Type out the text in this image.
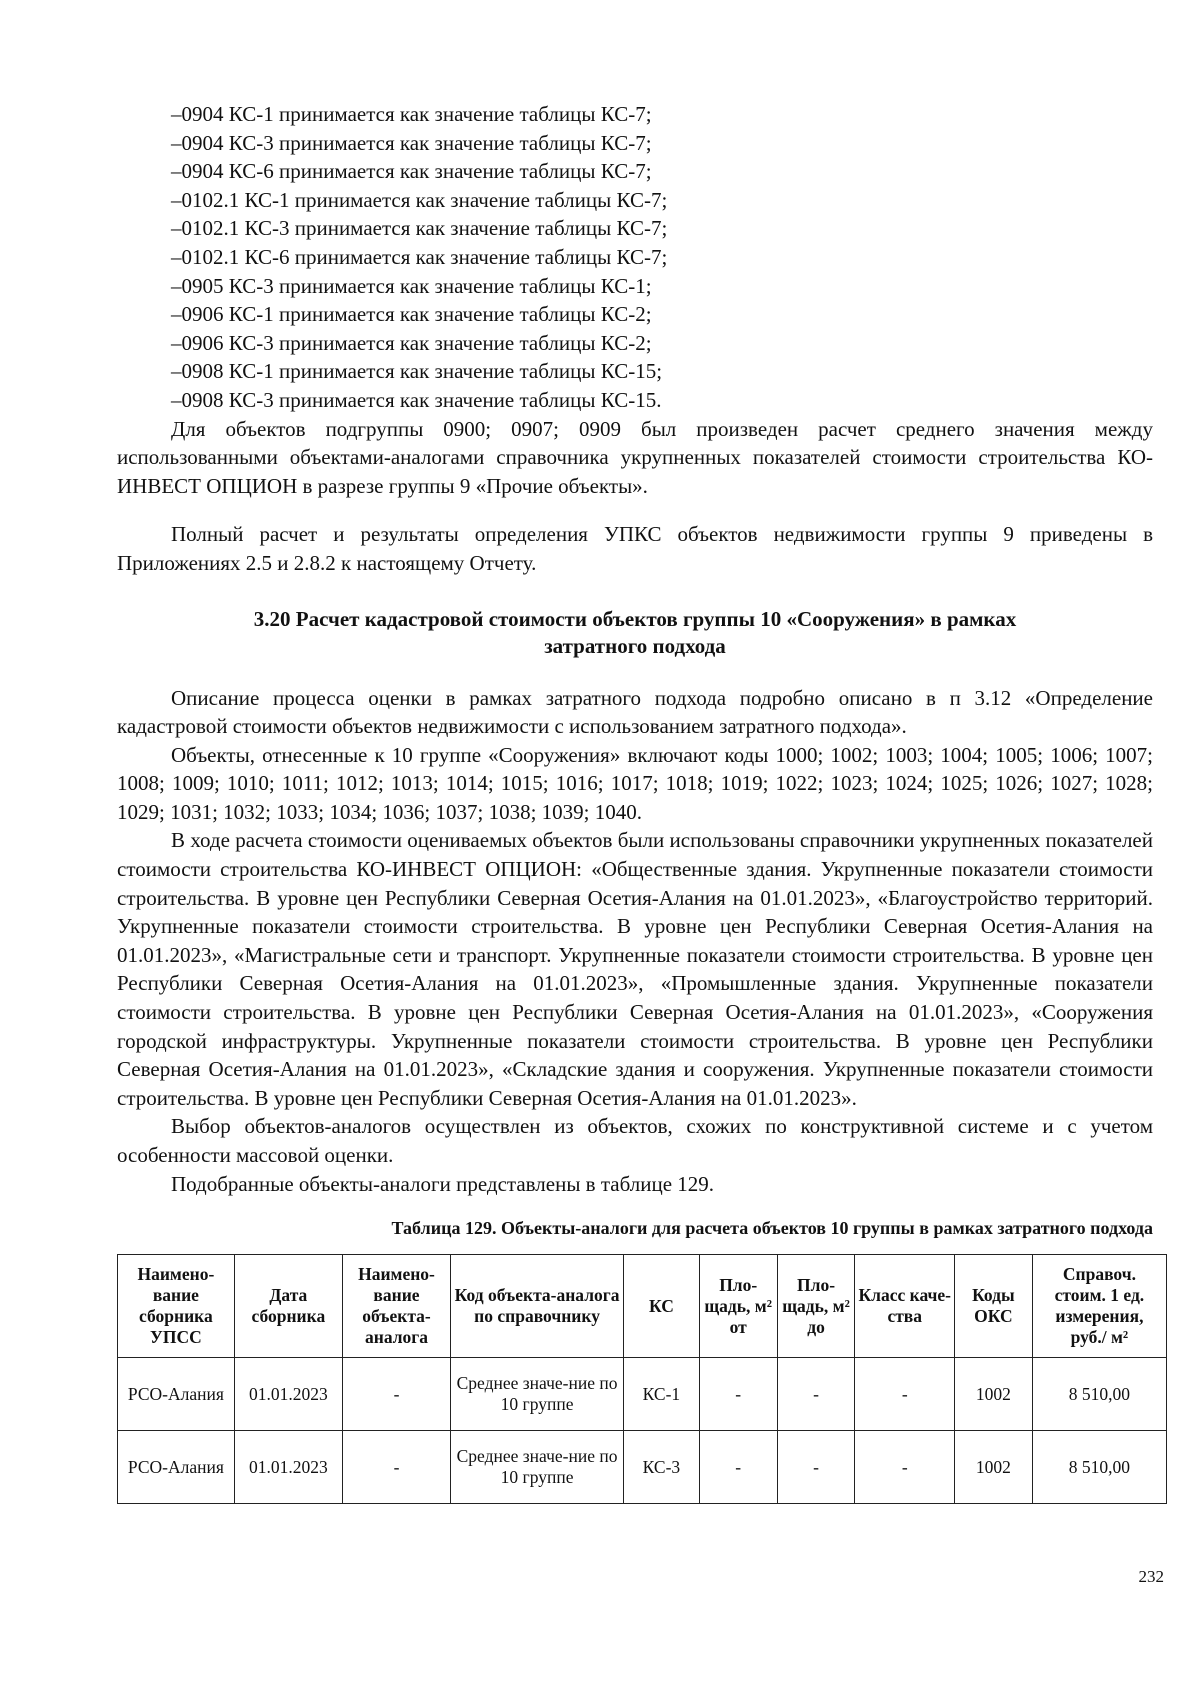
–0904 КС-1 принимается как значение таблицы КС-7;
–0904 КС-3 принимается как значение таблицы КС-7;
–0904 КС-6 принимается как значение таблицы КС-7;
–0102.1 КС-1 принимается как значение таблицы КС-7;
–0102.1 КС-3 принимается как значение таблицы КС-7;
–0102.1 КС-6 принимается как значение таблицы КС-7;
–0905 КС-3 принимается как значение таблицы КС-1;
–0906 КС-1 принимается как значение таблицы КС-2;
–0906 КС-3 принимается как значение таблицы КС-2;
–0908 КС-1 принимается как значение таблицы КС-15;
–0908 КС-3 принимается как значение таблицы КС-15.
Для объектов подгруппы 0900; 0907; 0909 был произведен расчет среднего значения между использованными объектами-аналогами справочника укрупненных показателей стоимости строительства КО-ИНВЕСТ ОПЦИОН в разрезе группы 9 «Прочие объекты».
Полный расчет и результаты определения УПКС объектов недвижимости группы 9 приведены в Приложениях 2.5 и 2.8.2 к настоящему Отчету.
3.20 Расчет кадастровой стоимости объектов группы 10 «Сооружения» в рамках
затратного подхода
Описание процесса оценки в рамках затратного подхода подробно описано в п 3.12 «Определение кадастровой стоимости объектов недвижимости с использованием затратного подхода».
Объекты, отнесенные к 10 группе «Сооружения» включают коды 1000; 1002; 1003; 1004; 1005; 1006; 1007; 1008; 1009; 1010; 1011; 1012; 1013; 1014; 1015; 1016; 1017; 1018; 1019; 1022; 1023; 1024; 1025; 1026; 1027; 1028; 1029; 1031; 1032; 1033; 1034; 1036; 1037; 1038; 1039; 1040.
В ходе расчета стоимости оцениваемых объектов были использованы справочники укрупненных показателей стоимости строительства КО-ИНВЕСТ ОПЦИОН: «Общественные здания. Укрупненные показатели стоимости строительства. В уровне цен Республики Северная Осетия-Алания на 01.01.2023», «Благоустройство территорий. Укрупненные показатели стоимости строительства. В уровне цен Республики Северная Осетия-Алания на 01.01.2023», «Магистральные сети и транспорт. Укрупненные показатели стоимости строительства. В уровне цен Республики Северная Осетия-Алания на 01.01.2023», «Промышленные здания. Укрупненные показатели стоимости строительства. В уровне цен Республики Северная Осетия-Алания на 01.01.2023», «Сооружения городской инфраструктуры. Укрупненные показатели стоимости строительства. В уровне цен Республики Северная Осетия-Алания на 01.01.2023», «Складские здания и сооружения. Укрупненные показатели стоимости строительства. В уровне цен Республики Северная Осетия-Алания на 01.01.2023».
Выбор объектов-аналогов осуществлен из объектов, схожих по конструктивной системе и с учетом особенности массовой оценки.
Подобранные объекты-аналоги представлены в таблице 129.
Таблица 129. Объекты-аналоги для расчета объектов 10 группы в рамках затратного подхода
Наимено-вание сборника УПСС	Дата сборника	Наимено-вание объекта-аналога	Код объекта-аналога по справочнику	КС	Пло-щадь, м² от	Пло-щадь, м² до	Класс каче-ства	Коды ОКС	Справоч. стоим. 1 ед. измерения, руб./ м²
РСО-Алания	01.01.2023	-	Среднее значе-ние по 10 группе	КС-1	-	-	-	1002	8 510,00
РСО-Алания	01.01.2023	-	Среднее значе-ние по 10 группе	КС-3	-	-	-	1002	8 510,00
232
